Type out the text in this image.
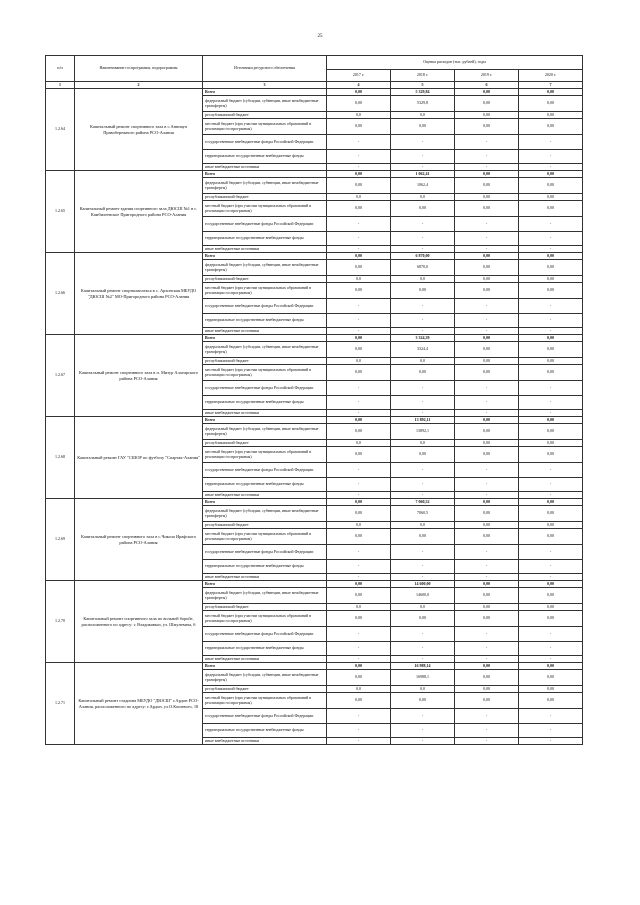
25
п/п	Наименование госпрограммы, подпрограммы	Источники ресурсного обеспечения	Оценка расходов (тыс. рублей), годы			
			2017 г.	2018 г.	2019 г.	2020 г.
1	2	3	4	5	6	7
1.2.64	Капитальный ремонт спортивного зала в с.Анниауп Правобережного района РСО-Алания	Всего	0,00	5 329,84	0,00	0,00
		федеральный бюджет (субсидии, субвенции, иные межбюджетные трансферты)	0,00	5329,8	0,00	0,00
		республиканский бюджет	0,0	0,0	0,00	0,00
		местный бюджет (при участии муниципальных образований в реализации госпрограммы)	0,00	0,00	0,00	0,00
		государственные внебюджетные фонды Российской Федерации	-	-	-	-
		территориальные государственные внебюджетные фонды	-	-	-	-
		иные внебюджетные источники	-	-	-	-
1.2.65	Капитальный ремонт здания спортивного зала ДЮСШ №1 в с. Камбилеевское Пригородного района РСО-Алания	Всего	0,00	1 062,41	0,00	0,00
		федеральный бюджет (субсидии, субвенции, иные межбюджетные трансферты)	0,00	1062,4	0,00	0,00
		республиканский бюджет	0,0	0,0	0,00	0,00
		местный бюджет (при участии муниципальных образований в реализации госпрограммы)	0,00	0,00	0,00	0,00
		государственные внебюджетные фонды Российской Федерации	-	-	-	-
		территориальные государственные внебюджетные фонды	-	-	-	-
		иные внебюджетные источники	-	-	-	-
1.2.66	Капитальный ремонт спорткомплекса в с. Архонская МБУДО "ДЮСШ №2" МО-Пригородного района РСО-Алания	Всего	0,00	6 870,00	0,00	0,00
		федеральный бюджет (субсидии, субвенции, иные межбюджетные трансферты)	0,00	6870,0	0,00	0,00
		республиканский бюджет	0,0	0,0	0,00	0,00
		местный бюджет (при участии муниципальных образований в реализации госпрограммы)	0,00	0,00	0,00	0,00
		государственные внебюджетные фонды Российской Федерации	-	-	-	-
		территориальные государственные внебюджетные фонды	-	-	-	-
		иные внебюджетные источники	-	-	-	-
1.2.67	Капитальный ремонт спортивного зала в п. Мизур Алагирского района РСО-Алания	Всего	0,00	3 324,39	0,00	0,00
		федеральный бюджет (субсидии, субвенции, иные межбюджетные трансферты)	0,00	3324,4	0,00	0,00
		республиканский бюджет	0,0	0,0	0,00	0,00
		местный бюджет (при участии муниципальных образований в реализации госпрограммы)	0,00	0,00	0,00	0,00
		государственные внебюджетные фонды Российской Федерации	-	-	-	-
		территориальные государственные внебюджетные фонды	-	-	-	-
		иные внебюджетные источники	-	-	-	-
1.2.68	Капитальный ремонт ГАУ "СШОР по футболу "Спартак-Алания"	Всего	0,00	13 892,11	0,00	0,00
		федеральный бюджет (субсидии, субвенции, иные межбюджетные трансферты)	0,00	13892,1	0,00	0,00
		республиканский бюджет	0,0	0,0	0,00	0,00
		местный бюджет (при участии муниципальных образований в реализации госпрограммы)	0,00	0,00	0,00	0,00
		государственные внебюджетные фонды Российской Федерации	-	-	-	-
		территориальные государственные внебюджетные фонды	-	-	-	-
		иные внебюджетные источники	-	-	-	-
1.2.69	Капитальный ремонт спортивного зала в с.Чикола Ирафского района РСО-Алания	Всего	0,00	7 060,52	0,00	0,00
		федеральный бюджет (субсидии, субвенции, иные межбюджетные трансферты)	0,00	7060,5	0,00	0,00
		республиканский бюджет	0,0	0,0	0,00	0,00
		местный бюджет (при участии муниципальных образований в реализации госпрограммы)	0,00	0,00	0,00	0,00
		государственные внебюджетные фонды Российской Федерации	-	-	-	-
		территориальные государственные внебюджетные фонды	-	-	-	-
		иные внебюджетные источники	-	-	-	-
1.2.70	Капитальный ремонт спортивного зала по вольной борьбе, расположенного по адресу: г. Владикавказ, ул. Шмулевича, 6	Всего	0,00	14 600,00	0,00	0,00
		федеральный бюджет (субсидии, субвенции, иные межбюджетные трансферты)	0,00	14600,0	0,00	0,00
		республиканский бюджет	0,0	0,0	0,00	0,00
		местный бюджет (при участии муниципальных образований в реализации госпрограммы)	0,00	0,00	0,00	0,00
		государственные внебюджетные фонды Российской Федерации	-	-	-	-
		территориальные государственные внебюджетные фонды	-	-	-	-
		иные внебюджетные источники	-	-	-	-
1.2.71	Капитальный ремонт стадиона МБУДО "ДЮСШ" г.Ардон РСО-Алания, расположенного по адресу: г.Ардон, ул.О.Кошевого, 18	Всего	0,00	16 988,14	0,00	0,00
		федеральный бюджет (субсидии, субвенции, иные межбюджетные трансферты)	0,00	16988,1	0,00	0,00
		республиканский бюджет	0,0	0,0	0,00	0,00
		местный бюджет (при участии муниципальных образований в реализации госпрограммы)	0,00	0,00	0,00	0,00
		государственные внебюджетные фонды Российской Федерации	-	-	-	-
		территориальные государственные внебюджетные фонды	-	-	-	-
		иные внебюджетные источники	-	-	-	-
